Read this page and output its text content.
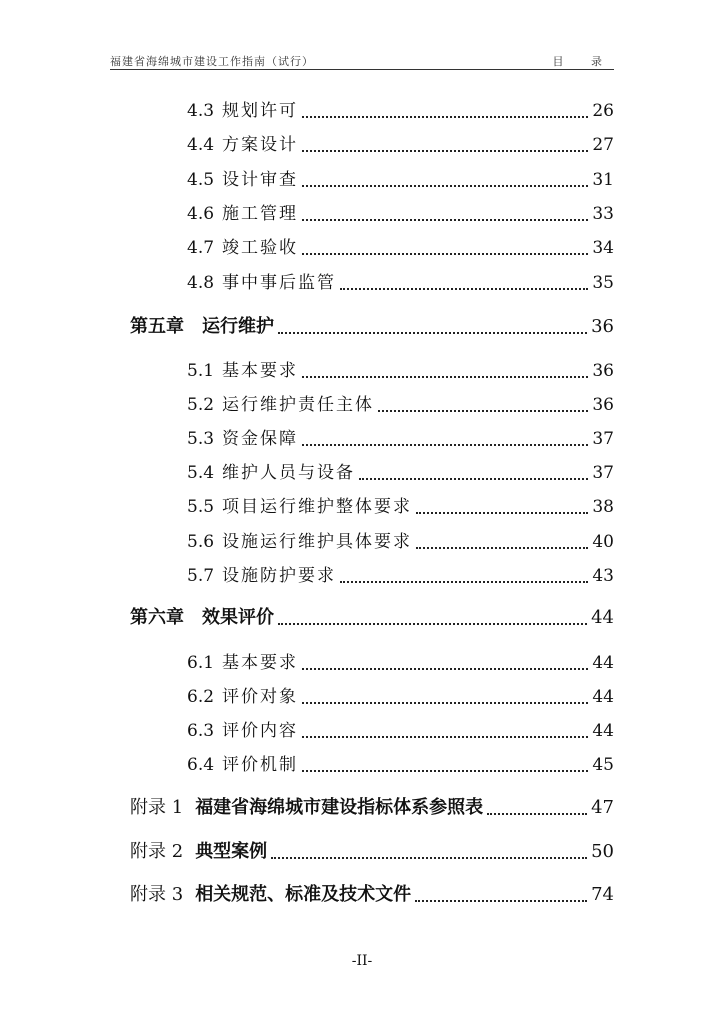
福建省海绵城市建设工作指南（试行）	目 录
4.3 规划许可	26
4.4 方案设计	27
4.5 设计审查	31
4.6 施工管理	33
4.7 竣工验收	34
4.8 事中事后监管	35
第五章 运行维护	36
5.1 基本要求	36
5.2 运行维护责任主体	36
5.3 资金保障	37
5.4 维护人员与设备	37
5.5 项目运行维护整体要求	38
5.6 设施运行维护具体要求	40
5.7 设施防护要求	43
第六章 效果评价	44
6.1 基本要求	44
6.2 评价对象	44
6.3 评价内容	44
6.4 评价机制	45
附录 1 福建省海绵城市建设指标体系参照表	47
附录 2 典型案例	50
附录 3 相关规范、标准及技术文件	74
-II-
